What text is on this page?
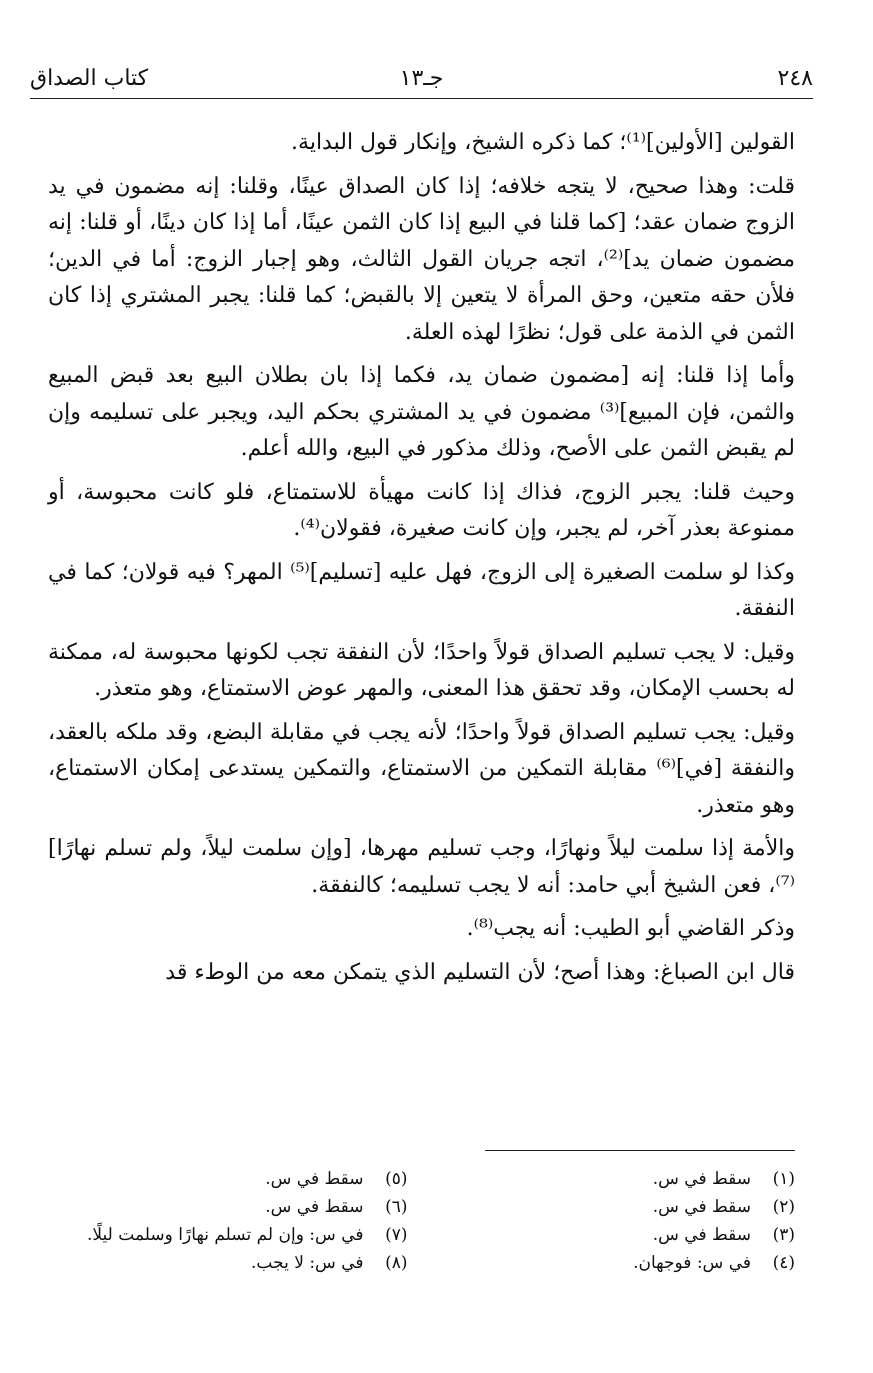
٢٤٨
جـ١٣
كتاب الصداق

القولين [الأولين]⁽¹⁾؛ كما ذكره الشيخ، وإنكار قول البداية.

قلت: وهذا صحيح، لا يتجه خلافه؛ إذا كان الصداق عينًا، وقلنا: إنه مضمون في يد الزوج ضمان عقد؛ [كما قلنا في البيع إذا كان الثمن عينًا، أما إذا كان دينًا، أو قلنا: إنه مضمون ضمان يد]⁽²⁾، اتجه جريان القول الثالث، وهو إجبار الزوج: أما في الدين؛ فلأن حقه متعين، وحق المرأة لا يتعين إلا بالقبض؛ كما قلنا: يجبر المشتري إذا كان الثمن في الذمة على قول؛ نظرًا لهذه العلة.

وأما إذا قلنا: إنه [مضمون ضمان يد، فكما إذا بان بطلان البيع بعد قبض المبيع والثمن، فإن المبيع]⁽³⁾ مضمون في يد المشتري بحكم اليد، ويجبر على تسليمه وإن لم يقبض الثمن على الأصح، وذلك مذكور في البيع، والله أعلم.

وحيث قلنا: يجبر الزوج، فذاك إذا كانت مهيأة للاستمتاع، فلو كانت محبوسة، أو ممنوعة بعذر آخر، لم يجبر، وإن كانت صغيرة، فقولان⁽⁴⁾.

وكذا لو سلمت الصغيرة إلى الزوج، فهل عليه [تسليم]⁽⁵⁾ المهر؟ فيه قولان؛ كما في النفقة.

وقيل: لا يجب تسليم الصداق قولاً واحدًا؛ لأن النفقة تجب لكونها محبوسة له، ممكنة له بحسب الإمكان، وقد تحقق هذا المعنى، والمهر عوض الاستمتاع، وهو متعذر.

وقيل: يجب تسليم الصداق قولاً واحدًا؛ لأنه يجب في مقابلة البضع، وقد ملكه بالعقد، والنفقة [في]⁽⁶⁾ مقابلة التمكين من الاستمتاع، والتمكين يستدعى إمكان الاستمتاع، وهو متعذر.

والأمة إذا سلمت ليلاً ونهارًا، وجب تسليم مهرها، [وإن سلمت ليلاً، ولم تسلم نهارًا]⁽⁷⁾، فعن الشيخ أبي حامد: أنه لا يجب تسليمه؛ كالنفقة.

وذكر القاضي أبو الطيب: أنه يجب⁽⁸⁾.

قال ابن الصباغ: وهذا أصح؛ لأن التسليم الذي يتمكن معه من الوطء قد

(١)
سقط في س.
(٥)
سقط في س.
(٢)
سقط في س.
(٦)
سقط في س.
(٣)
سقط في س.
(٧)
في س: وإن لم تسلم نهارًا وسلمت ليلًا.
(٤)
في س: فوجهان.
(٨)
في س: لا يجب.
